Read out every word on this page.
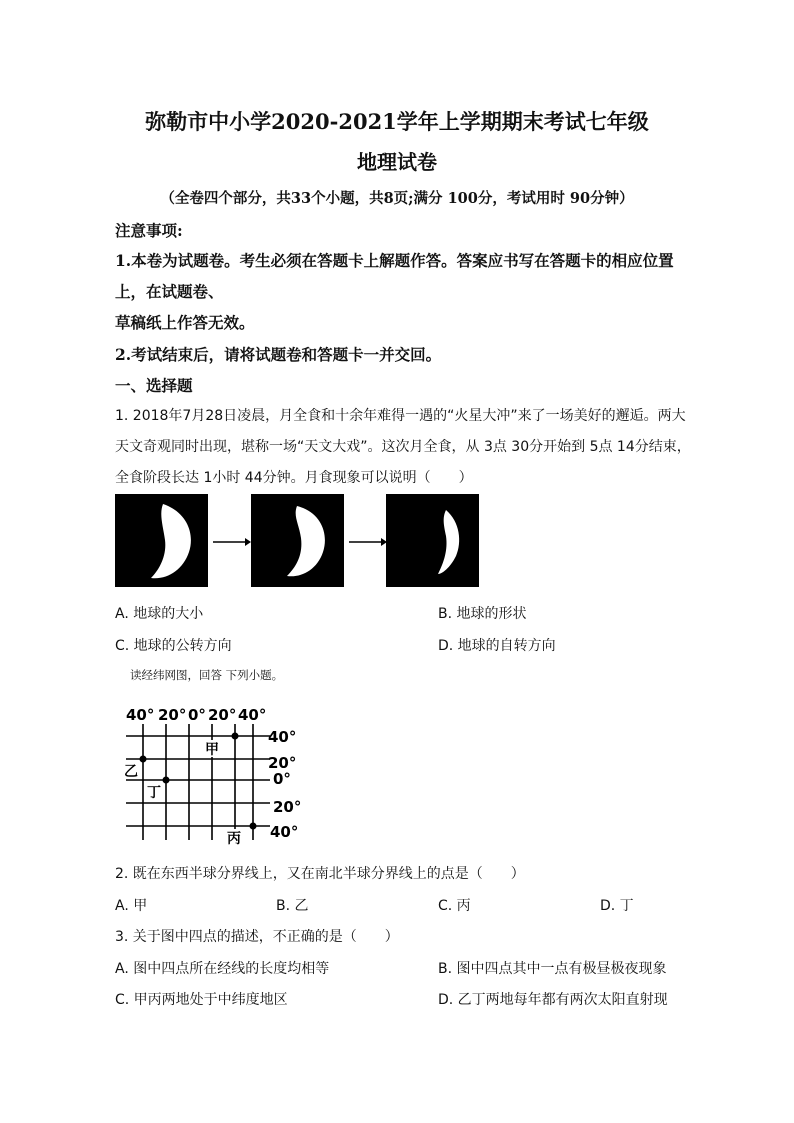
弥勒市中小学2020-2021学年上学期期末考试七年级
地理试卷
（全卷四个部分，共33个小题，共8页;满分 100分，考试用时 90分钟）
注意事项:
1.本卷为试题卷。考生必须在答题卡上解题作答。答案应书写在答题卡的相应位置
上，在试题卷、
草稿纸上作答无效。
2.考试结束后，请将试题卷和答题卡一并交回。
一、选择题
1. 2018年7月28日凌晨，月全食和十余年难得一遇的“火星大冲”来了一场美好的邂逅。两大
天文奇观同时出现，堪称一场“天文大戏”。这次月全食，从 3点 30分开始到 5点 14分结束，
全食阶段长达 1小时 44分钟。月食现象可以说明（　　）
A. 地球的大小	B. 地球的形状
C. 地球的公转方向	D. 地球的自转方向
读经纬网图，回答 下列小题。
40° 20° 0° 20° 40°
40°
20°
0°
20°
40°
甲
乙
丁
丙
2. 既在东西半球分界线上，又在南北半球分界线上的点是（　　）
A. 甲	B. 乙	C. 丙	D. 丁
3. 关于图中四点的描述，不正确的是（　　）
A. 图中四点所在经线的长度均相等	B. 图中四点其中一点有极昼极夜现象
C. 甲丙两地处于中纬度地区	D. 乙丁两地每年都有两次太阳直射现
